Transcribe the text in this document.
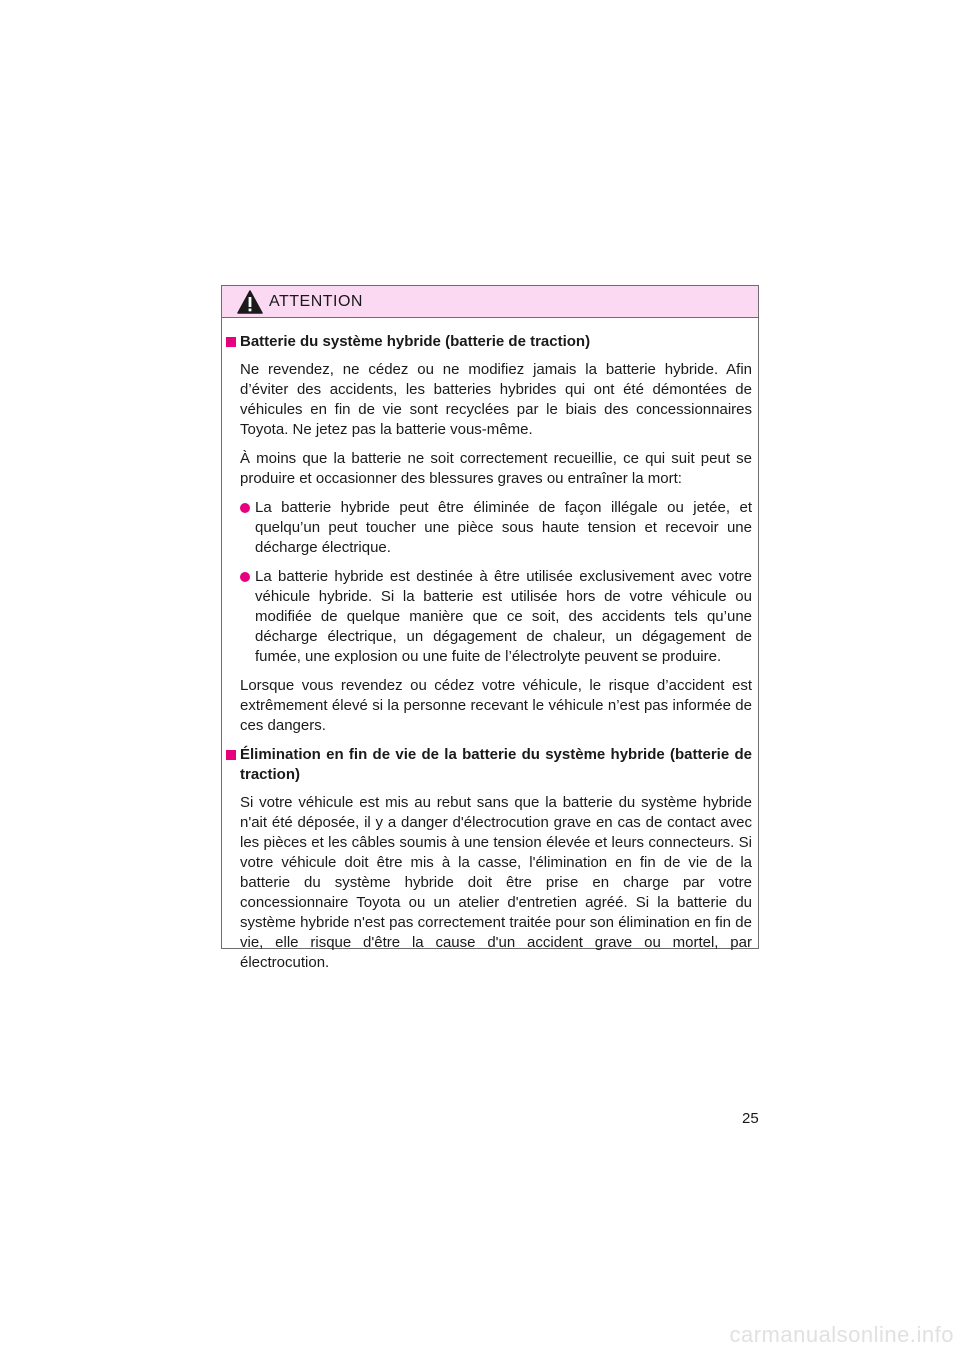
ATTENTION
Batterie du système hybride (batterie de traction)

Ne revendez, ne cédez ou ne modifiez jamais la batterie hybride. Afin d’éviter des accidents, les batteries hybrides qui ont été démontées de véhicules en fin de vie sont recyclées par le biais des concessionnaires Toyota. Ne jetez pas la batterie vous-même.

À moins que la batterie ne soit correctement recueillie, ce qui suit peut se produire et occasionner des blessures graves ou entraîner la mort:

La batterie hybride peut être éliminée de façon illégale ou jetée, et quelqu’un peut toucher une pièce sous haute tension et recevoir une décharge électrique.
La batterie hybride est destinée à être utilisée exclusivement avec votre véhicule hybride. Si la batterie est utilisée hors de votre véhicule ou modifiée de quelque manière que ce soit, des accidents tels qu’une décharge électrique, un dégagement de chaleur, un dégagement de fumée, une explosion ou une fuite de l’électrolyte peuvent se produire.

Lorsque vous revendez ou cédez votre véhicule, le risque d’accident est extrêmement élevé si la personne recevant le véhicule n’est pas informée de ces dangers.

Élimination en fin de vie de la batterie du système hybride (batterie de traction)

Si votre véhicule est mis au rebut sans que la batterie du système hybride n'ait été déposée, il y a danger d'électrocution grave en cas de contact avec les pièces et les câbles soumis à une tension élevée et leurs connecteurs. Si votre véhicule doit être mis à la casse, l'élimination en fin de vie de la batterie du système hybride doit être prise en charge par votre concessionnaire Toyota ou un atelier d'entretien agréé. Si la batterie du système hybride n'est pas correctement traitée pour son élimination en fin de vie, elle risque d'être la cause d'un accident grave ou mortel, par électrocution.

25
carmanualsonline.info
